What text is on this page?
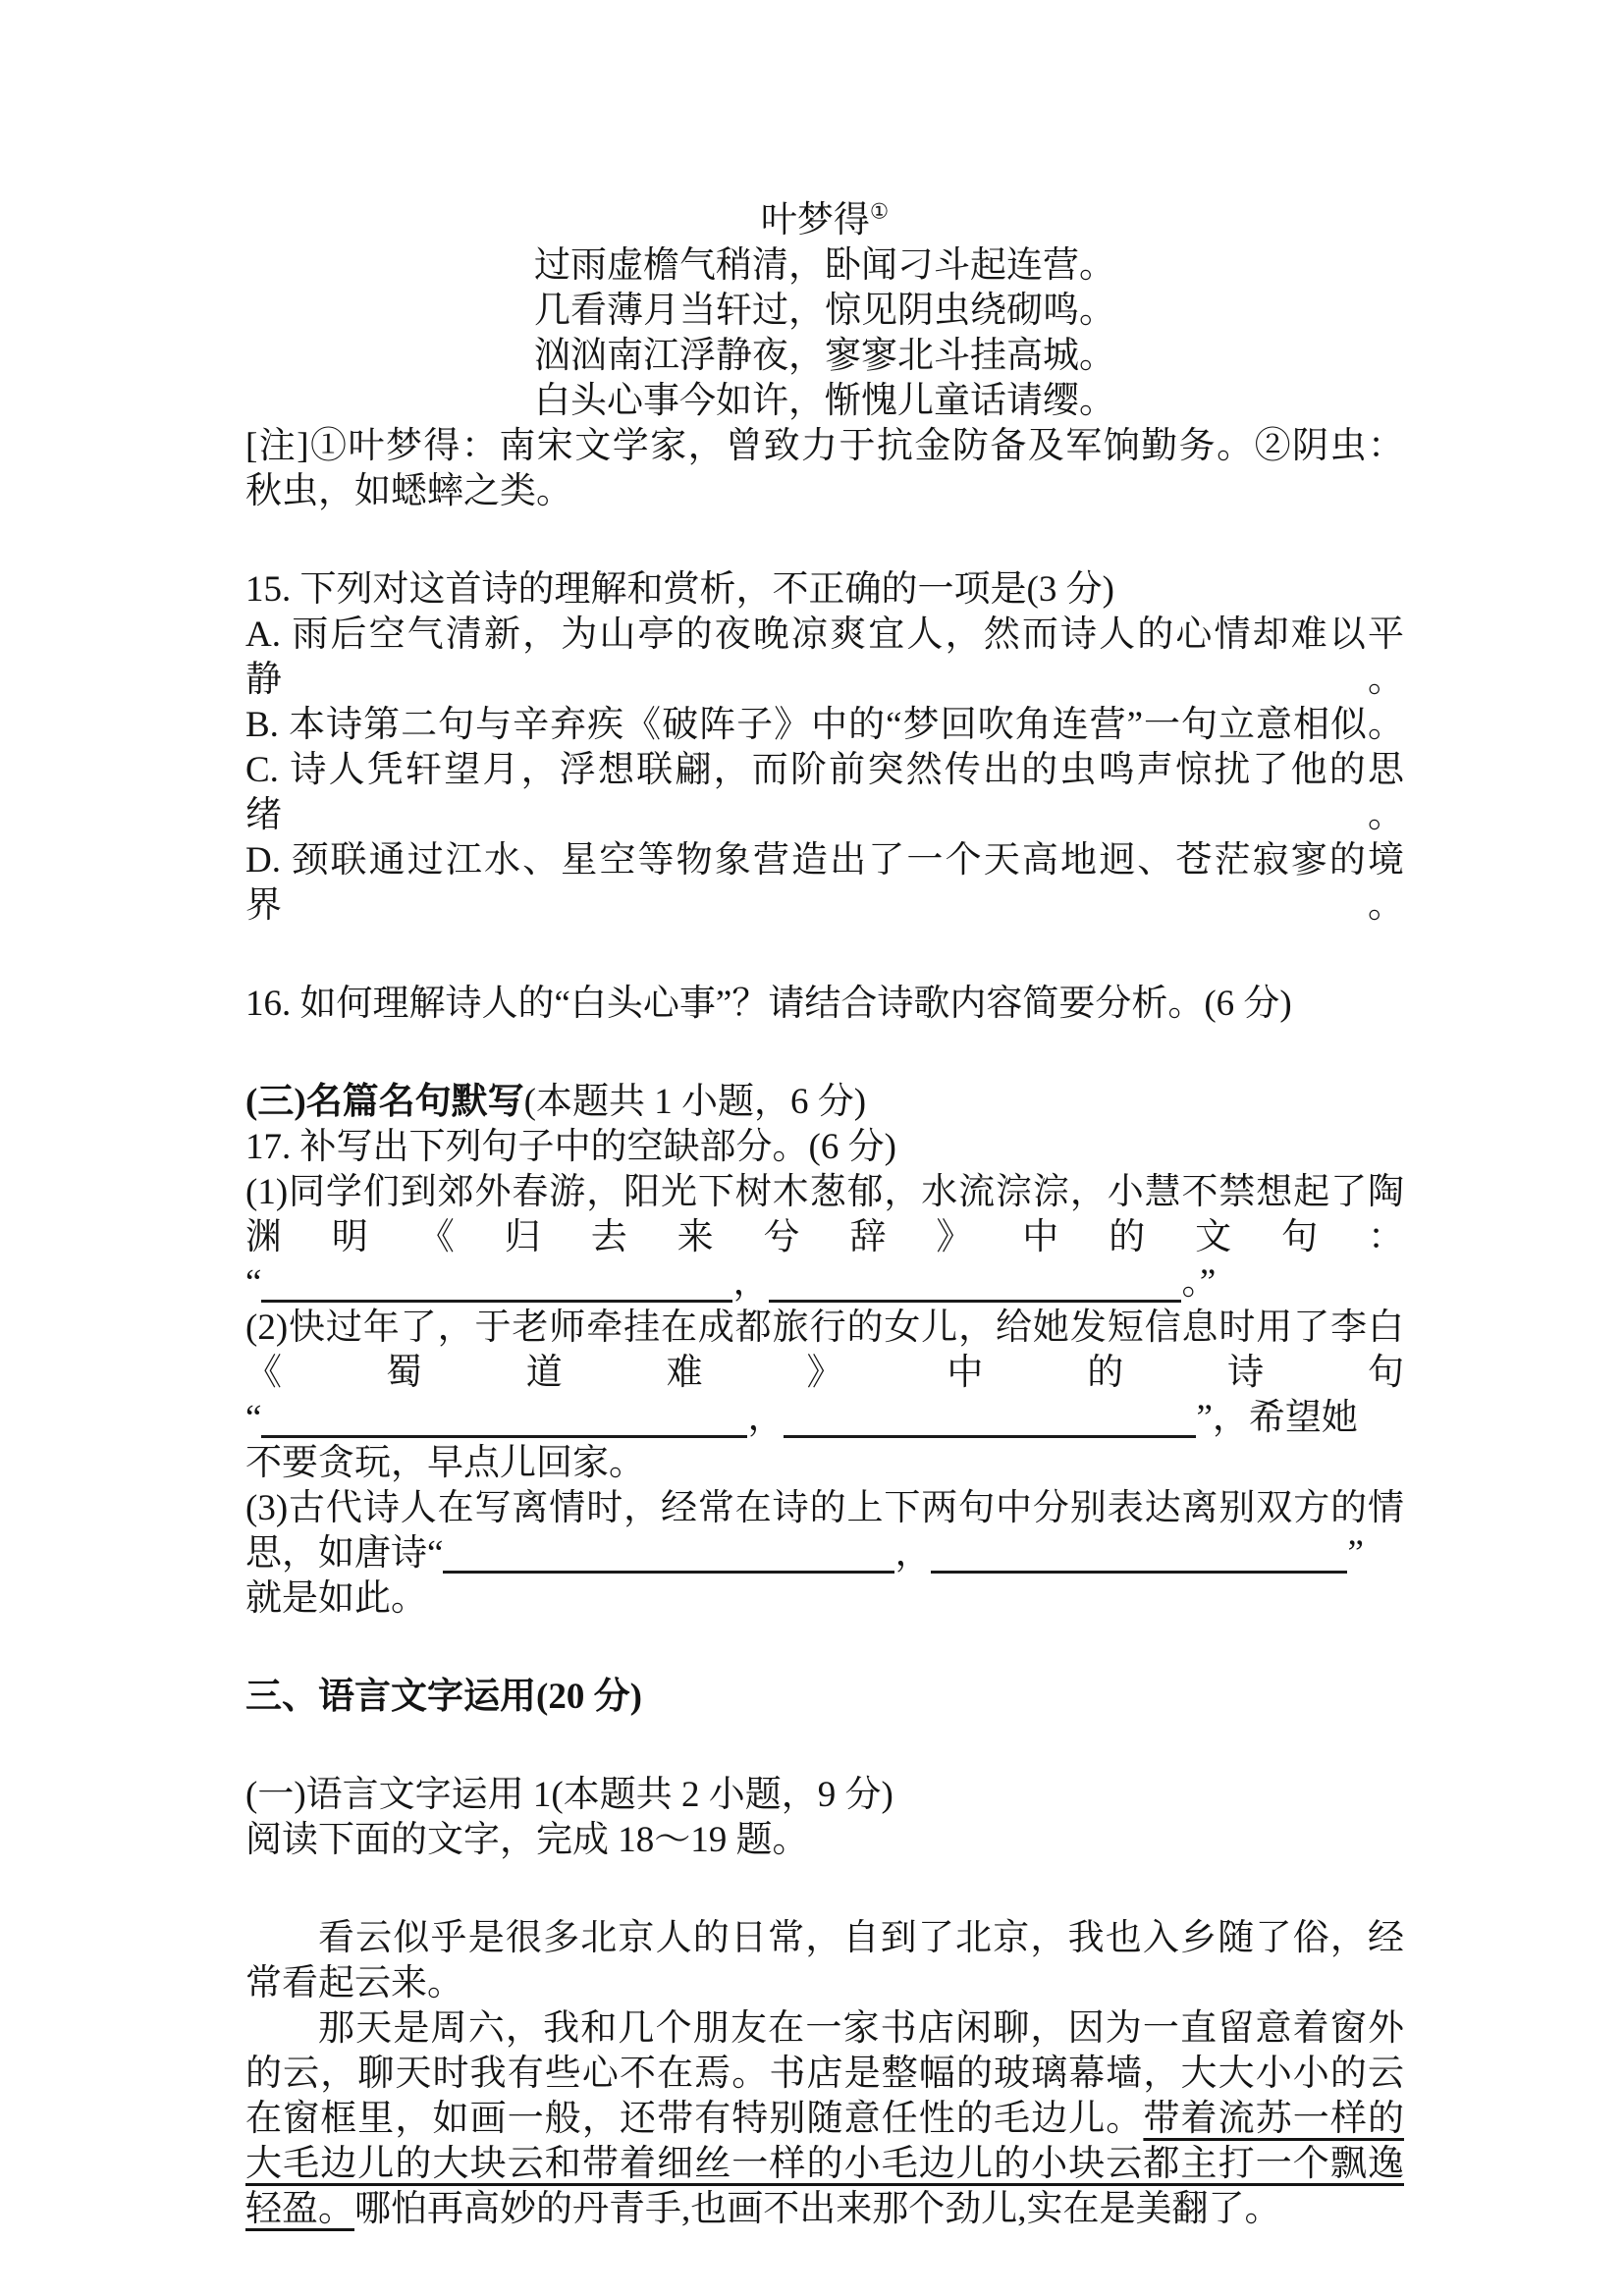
叶梦得①
过雨虚檐气稍清，卧闻刁斗起连营。
几看薄月当轩过，惊见阴虫绕砌鸣。
汹汹南江浮静夜，寥寥北斗挂高城。
白头心事今如许，惭愧儿童话请缨。
[注]①叶梦得：南宋文学家，曾致力于抗金防备及军饷勤务。②阴虫：
秋虫，如蟋蟀之类。
15. 下列对这首诗的理解和赏析，不正确的一项是(3 分)
A. 雨后空气清新，为山亭的夜晚凉爽宜人，然而诗人的心情却难以平静。
B. 本诗第二句与辛弃疾《破阵子》中的“梦回吹角连营”一句立意相似。
C. 诗人凭轩望月，浮想联翩，而阶前突然传出的虫鸣声惊扰了他的思绪。
D. 颈联通过江水、星空等物象营造出了一个天高地迥、苍茫寂寥的境界。
16. 如何理解诗人的“白头心事”？请结合诗歌内容简要分析。(6 分)
(三)名篇名句默写(本题共 1 小题，6 分)
17. 补写出下列句子中的空缺部分。(6 分)
(1)同学们到郊外春游，阳光下树木葱郁，水流淙淙，小慧不禁想起了陶
渊明《归去来兮辞》中的文句：
“	，	。”
(2)快过年了，于老师牵挂在成都旅行的女儿，给她发短信息时用了李白
《蜀道难》中的诗句
“	，	”，希望她
不要贪玩，早点儿回家。
(3)古代诗人在写离情时，经常在诗的上下两句中分别表达离别双方的情
思，如唐诗“	，	”
就是如此。
三、语言文字运用(20 分)
(一)语言文字运用 1(本题共 2 小题，9 分)
阅读下面的文字，完成 18～19 题。
看云似乎是很多北京人的日常，自到了北京，我也入乡随了俗，经
常看起云来。
那天是周六，我和几个朋友在一家书店闲聊，因为一直留意着窗外
的云，聊天时我有些心不在焉。书店是整幅的玻璃幕墙，大大小小的云
在窗框里，如画一般，还带有特别随意任性的毛边儿。带着流苏一样的
大毛边儿的大块云和带着细丝一样的小毛边儿的小块云都主打一个飘逸
轻盈。哪怕再高妙的丹青手,也画不出来那个劲儿,实在是美翻了。
